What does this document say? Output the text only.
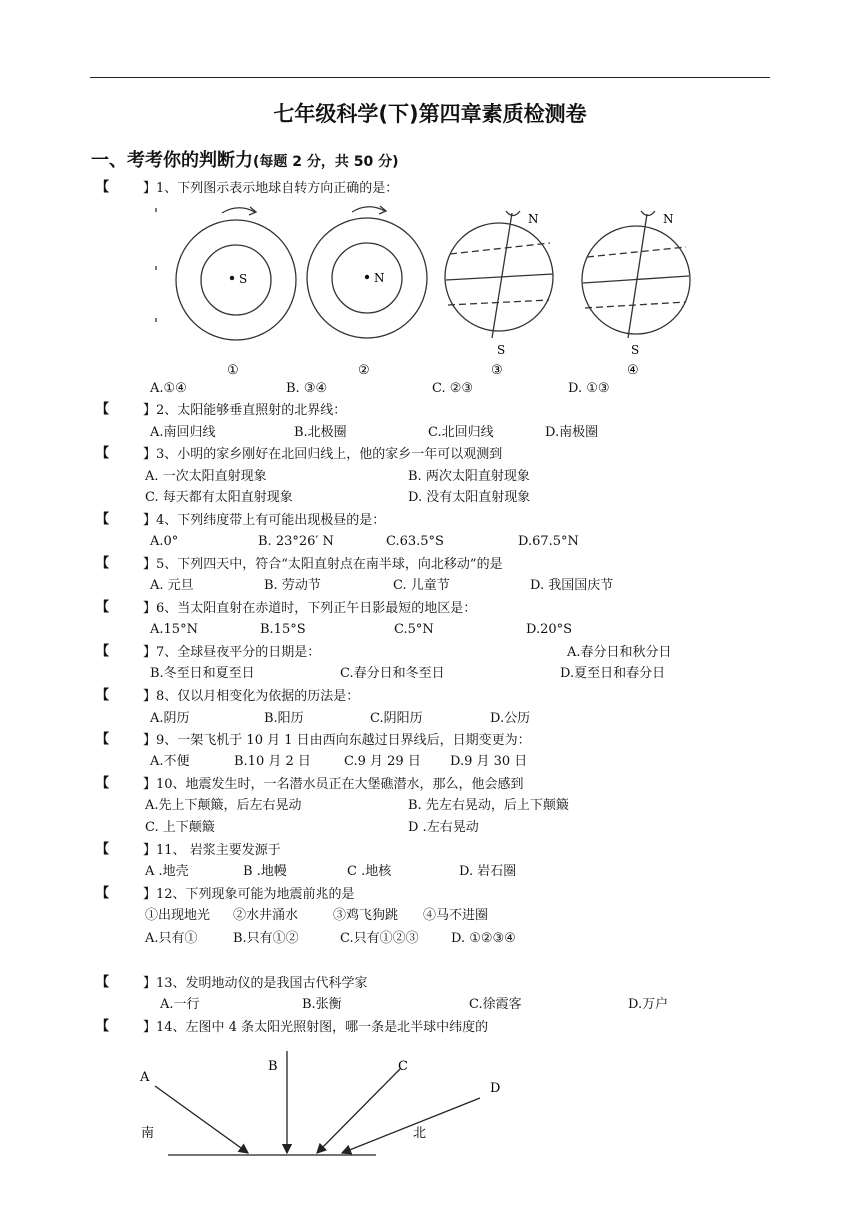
七年级科学(下)第四章素质检测卷
一、考考你的判断力(每题 2 分，共 50 分)
【	】1、下列图示表示地球自转方向正确的是：
S	N
N
S
N
S
①	②	③	④
A.①④	B. ③④	C. ②③	D. ①③
【	】2、太阳能够垂直照射的北界线：
A.南回归线	B.北极圈	C.北回归线	D.南极圈
【	】3、小明的家乡刚好在北回归线上，他的家乡一年可以观测到
A. 一次太阳直射现象	B. 两次太阳直射现象
C. 每天都有太阳直射现象	D. 没有太阳直射现象
【	】4、下列纬度带上有可能出现极昼的是：
A.0°	B. 23°26′ N	C.63.5°S	D.67.5°N
【	】5、下列四天中，符合“太阳直射点在南半球，向北移动”的是
A. 元旦	B. 劳动节	C. 儿童节	D. 我国国庆节
【	】6、当太阳直射在赤道时，下列正午日影最短的地区是：
A.15°N	B.15°S	C.5°N	D.20°S
【	】7、全球昼夜平分的日期是：	A.春分日和秋分日
B.冬至日和夏至日	C.春分日和冬至日	D.夏至日和春分日
【	】8、仅以月相变化为依据的历法是：
A.阴历	B.阳历	C.阴阳历	D.公历
【	】9、一架飞机于 10 月 1 日由西向东越过日界线后，日期变更为：
A.不便	B.10 月 2 日	C.9 月 29 日 D.9 月 30 日
【	】10、地震发生时，一名潜水员正在大堡礁潜水，那么，他会感到
A.先上下颠簸，后左右晃动	B. 先左右晃动，后上下颠簸
C. 上下颠簸	D .左右晃动
【	】11、 岩浆主要发源于
A .地壳	B .地幔	C .地核	D. 岩石圈
【	】12、下列现象可能为地震前兆的是
①出现地光 ②水井涌水	③鸡飞狗跳 ④马不进圈
A.只有①	B.只有①②	C.只有①②③ D. ①②③④
【	】13、发明地动仪的是我国古代科学家
A.一行	B.张衡	C.徐霞客	D.万户
【	】14、左图中 4 条太阳光照射图，哪一条是北半球中纬度的
A
B	C
D
南	北
